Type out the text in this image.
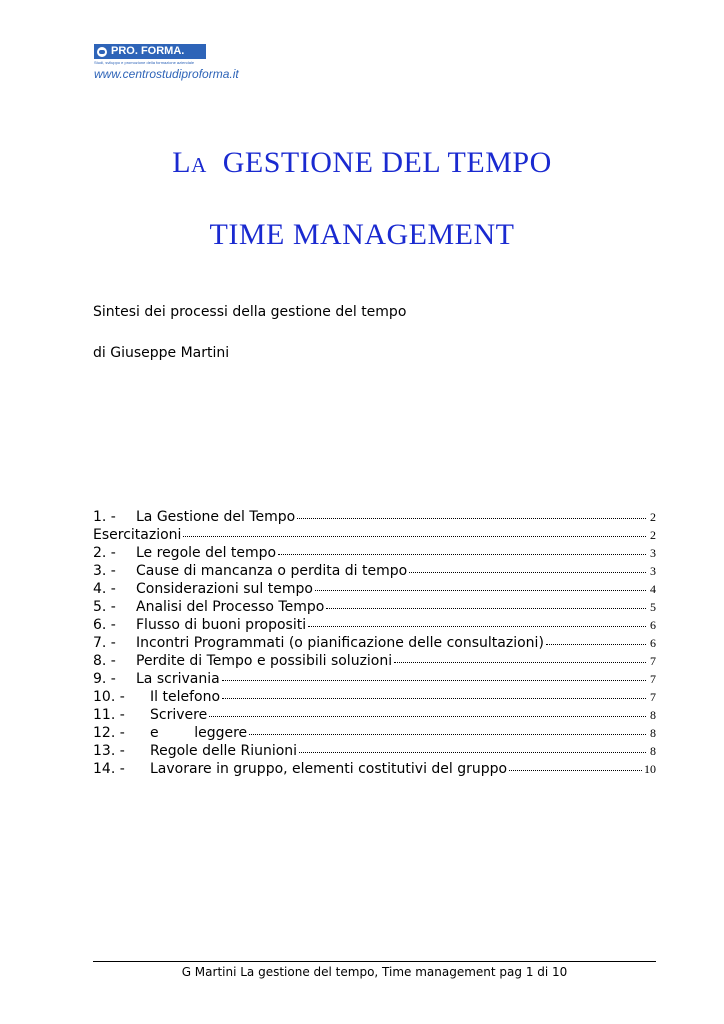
PRO. FORMA.
Studi, sviluppo e promozione della formazione aziendale
www.centrostudiproforma.it
La GESTIONE DEL TEMPO
TIME MANAGEMENT
Sintesi dei processi della gestione del tempo
di Giuseppe Martini
1. -	La Gestione del Tempo	2
Esercitazioni	2
2. -	Le regole del tempo	3
3. -	Cause di mancanza o perdita di tempo	3
4. -	Considerazioni sul tempo	4
5. -	Analisi del Processo Tempo	5
6. -	Flusso di buoni propositi	6
7. -	Incontri Programmati (o pianificazione delle consultazioni)	6
8. -	Perdite di Tempo e possibili soluzioni	7
9. -	La scrivania	7
10. -	Il telefono	7
11. -	Scrivere	8
12. -	e        leggere	8
13. -	Regole delle Riunioni	8
14. -	Lavorare in gruppo, elementi costitutivi del gruppo	10
G Martini La gestione del tempo, Time management pag 1 di 10
